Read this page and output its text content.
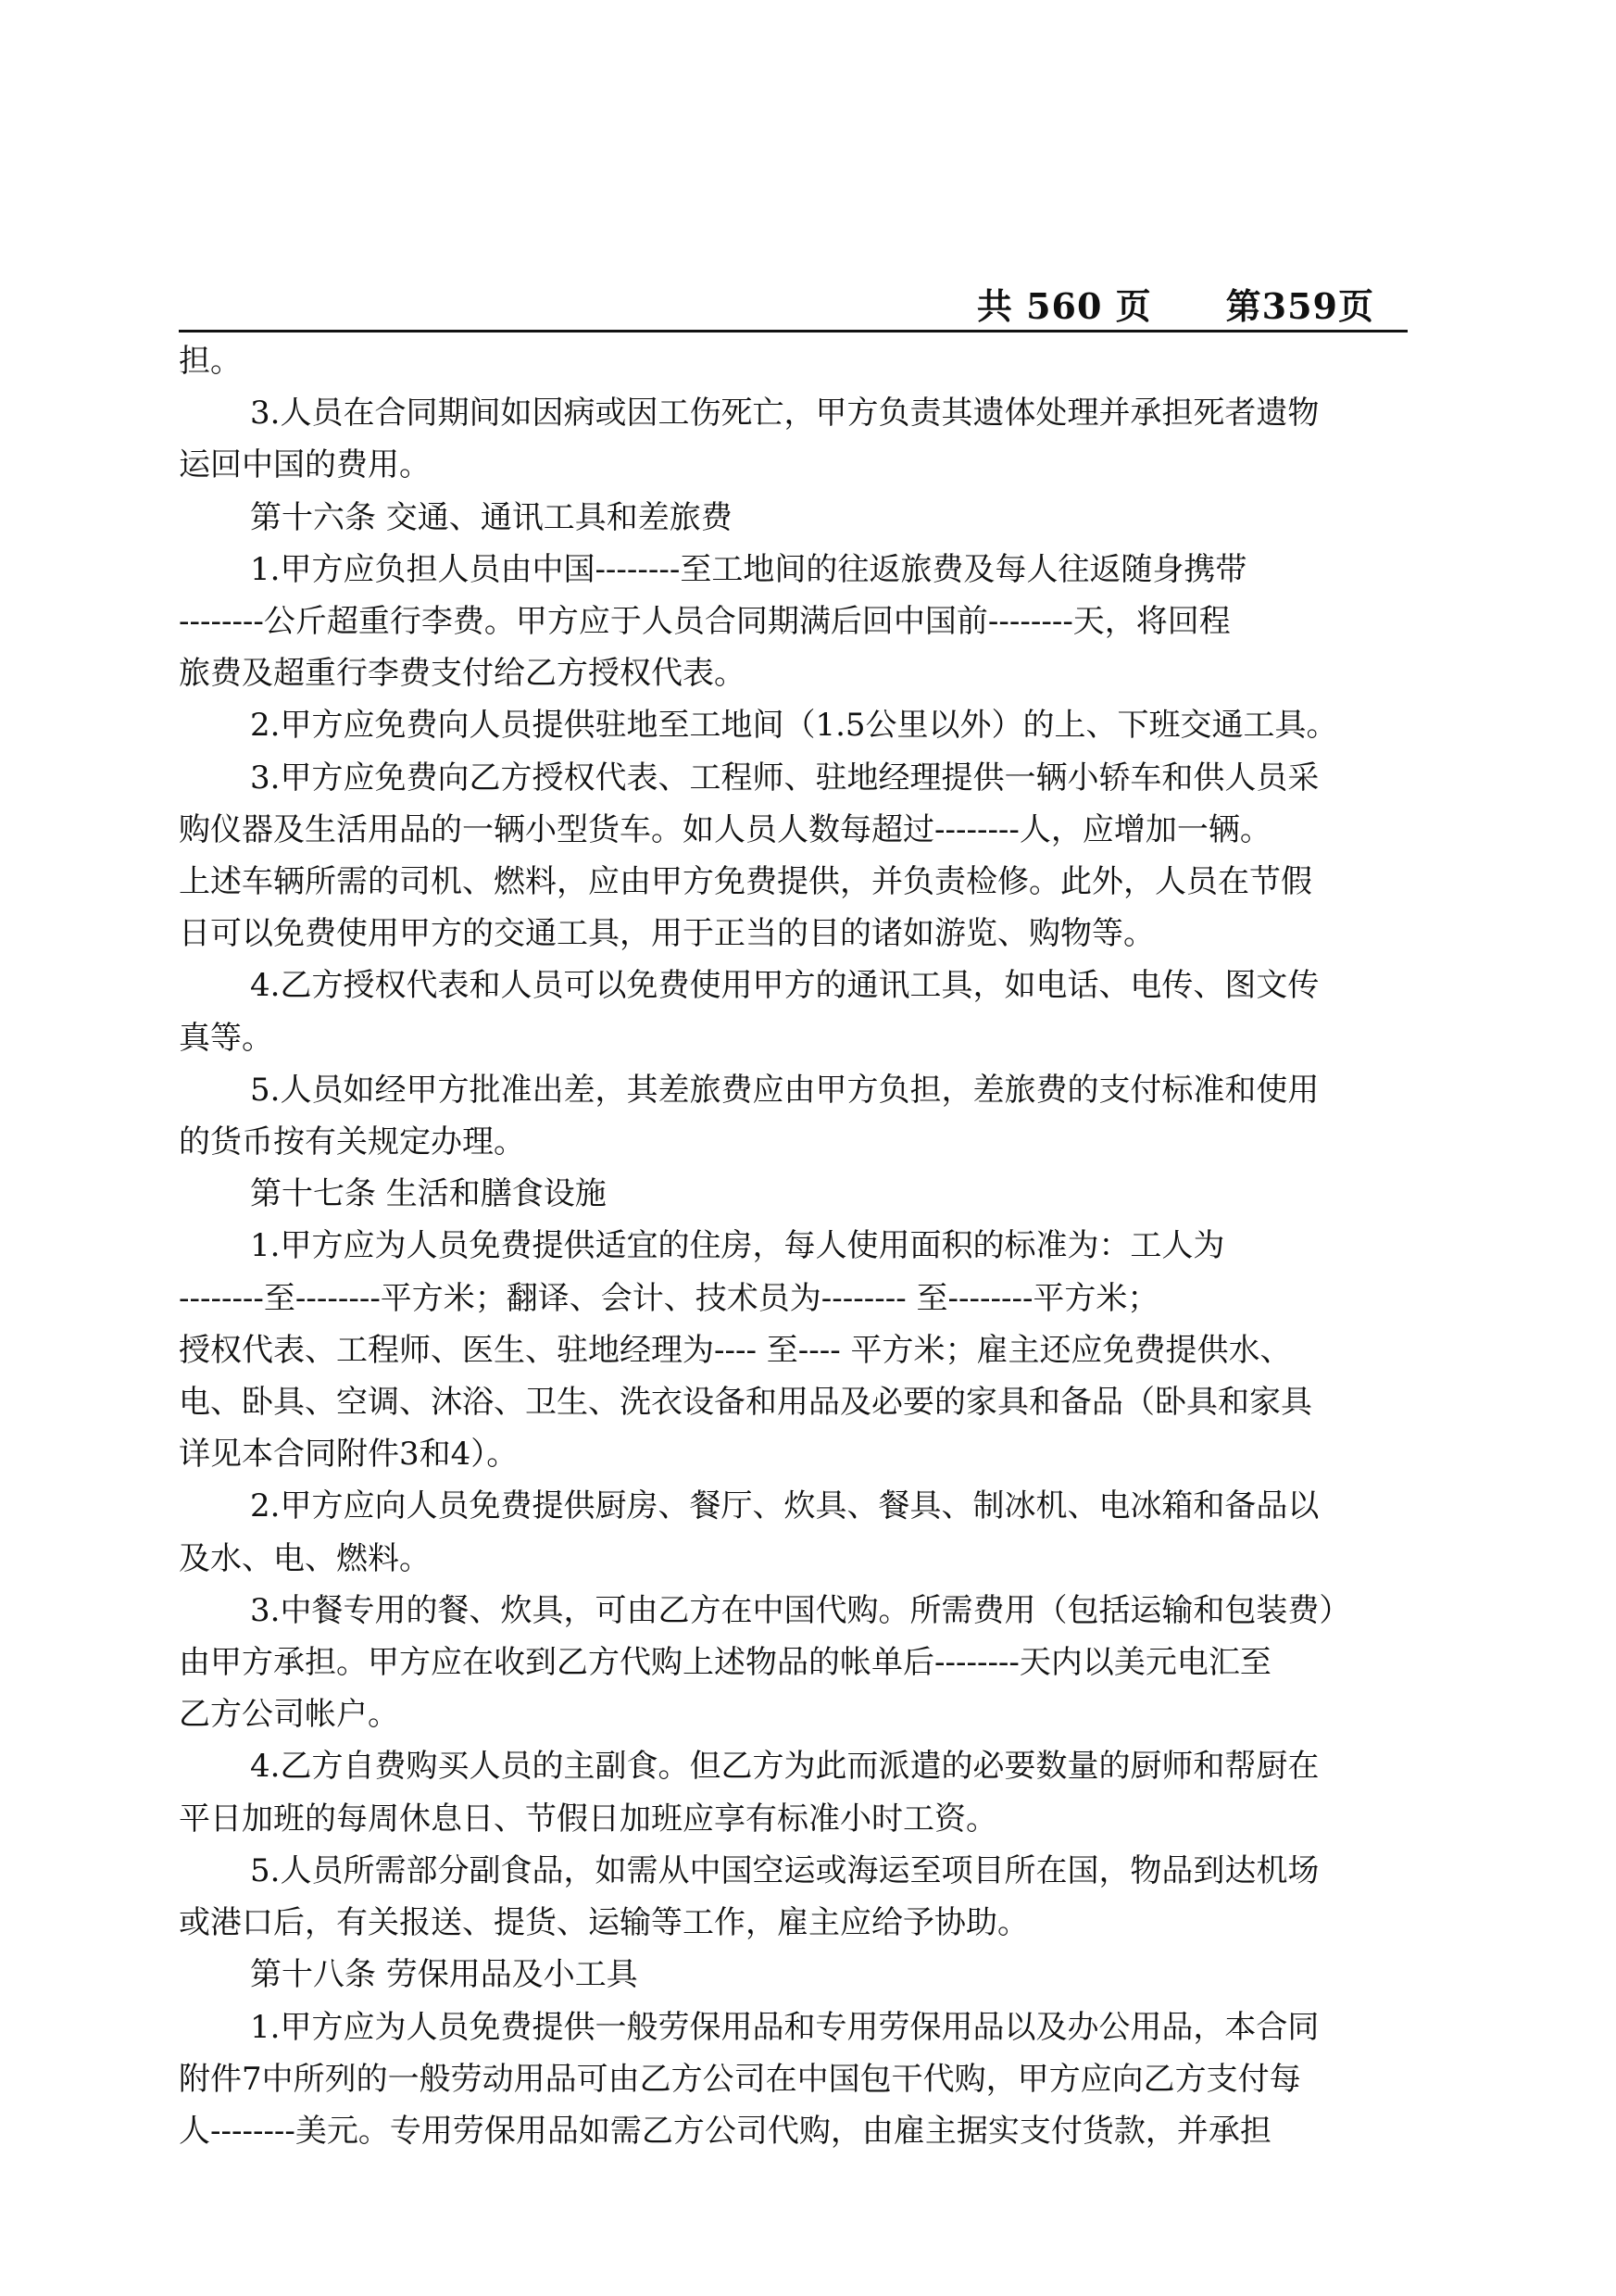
共 560 页 第359页

担。

3.人员在合同期间如因病或因工伤死亡，甲方负责其遗体处理并承担死者遗物
运回中国的费用。

第十六条 交通、通讯工具和差旅费

1.甲方应负担人员由中国--------至工地间的往返旅费及每人往返随身携带
--------公斤超重行李费。甲方应于人员合同期满后回中国前--------天，将回程
旅费及超重行李费支付给乙方授权代表。

2.甲方应免费向人员提供驻地至工地间（1.5公里以外）的上、下班交通工具。

3.甲方应免费向乙方授权代表、工程师、驻地经理提供一辆小轿车和供人员采
购仪器及生活用品的一辆小型货车。如人员人数每超过--------人，应增加一辆。
上述车辆所需的司机、燃料，应由甲方免费提供，并负责检修。此外，人员在节假
日可以免费使用甲方的交通工具，用于正当的目的诸如游览、购物等。

4.乙方授权代表和人员可以免费使用甲方的通讯工具，如电话、电传、图文传
真等。

5.人员如经甲方批准出差，其差旅费应由甲方负担，差旅费的支付标准和使用
的货币按有关规定办理。

第十七条 生活和膳食设施

1.甲方应为人员免费提供适宜的住房，每人使用面积的标准为：工人为
--------至--------平方米；翻译、会计、技术员为-------- 至--------平方米；
授权代表、工程师、医生、驻地经理为---- 至---- 平方米；雇主还应免费提供水、
电、卧具、空调、沐浴、卫生、洗衣设备和用品及必要的家具和备品（卧具和家具
详见本合同附件3和4）。

2.甲方应向人员免费提供厨房、餐厅、炊具、餐具、制冰机、电冰箱和备品以
及水、电、燃料。

3.中餐专用的餐、炊具，可由乙方在中国代购。所需费用（包括运输和包装费）
由甲方承担。甲方应在收到乙方代购上述物品的帐单后--------天内以美元电汇至
乙方公司帐户。

4.乙方自费购买人员的主副食。但乙方为此而派遣的必要数量的厨师和帮厨在
平日加班的每周休息日、节假日加班应享有标准小时工资。

5.人员所需部分副食品，如需从中国空运或海运至项目所在国，物品到达机场
或港口后，有关报送、提货、运输等工作，雇主应给予协助。

第十八条 劳保用品及小工具

1.甲方应为人员免费提供一般劳保用品和专用劳保用品以及办公用品，本合同
附件7中所列的一般劳动用品可由乙方公司在中国包干代购，甲方应向乙方支付每
人--------美元。专用劳保用品如需乙方公司代购，由雇主据实支付货款，并承担
